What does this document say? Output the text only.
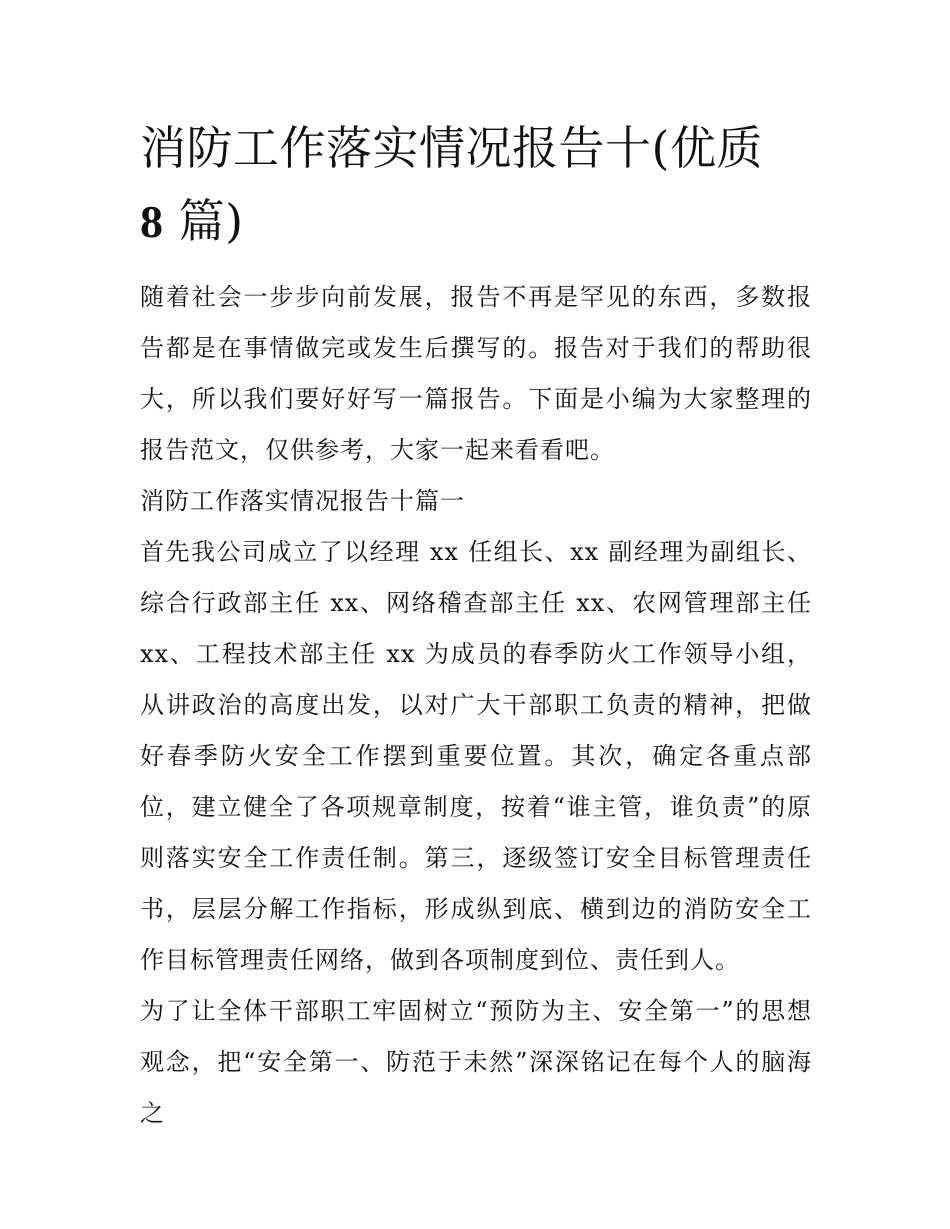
消防工作落实情况报告十(优质
8 篇)

随着社会一步步向前发展，报告不再是罕见的东西，多数报告都是在事情做完或发生后撰写的。报告对于我们的帮助很大，所以我们要好好写一篇报告。下面是小编为大家整理的报告范文，仅供参考，大家一起来看看吧。

消防工作落实情况报告十篇一

首先我公司成立了以经理 xx 任组长、xx 副经理为副组长、综合行政部主任 xx、网络稽查部主任 xx、农网管理部主任 xx、工程技术部主任 xx 为成员的春季防火工作领导小组，从讲政治的高度出发，以对广大干部职工负责的精神，把做好春季防火安全工作摆到重要位置。其次，确定各重点部位，建立健全了各项规章制度，按着“谁主管，谁负责”的原则落实安全工作责任制。第三，逐级签订安全目标管理责任书，层层分解工作指标，形成纵到底、横到边的消防安全工作目标管理责任网络，做到各项制度到位、责任到人。

为了让全体干部职工牢固树立“预防为主、安全第一”的思想观念，把“安全第一、防范于未然”深深铭记在每个人的脑海之
